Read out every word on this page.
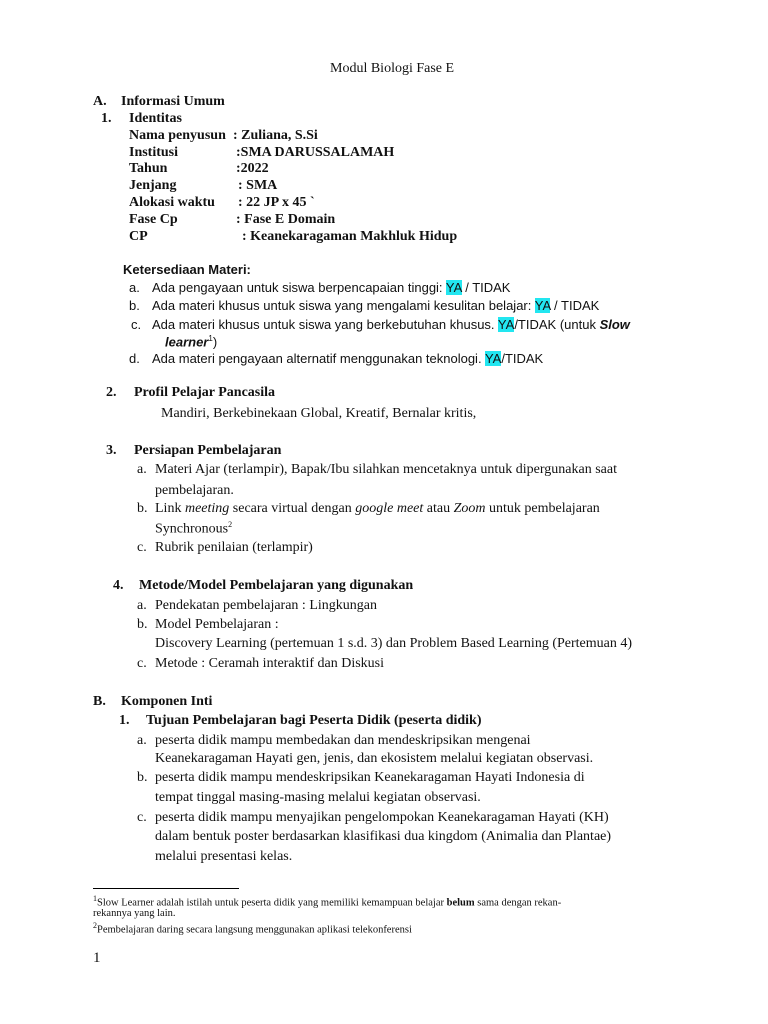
Modul Biologi Fase E
A. Informasi Umum
1. Identitas
Nama penyusun : Zuliana, S.Si
Institusi	:SMA DARUSSALAMAH
Tahun	:2022
Jenjang	: SMA
Alokasi waktu : 22 JP x 45 `
Fase Cp	: Fase E Domain
CP	: Keanekaragaman Makhluk Hidup
Ketersediaan Materi:
a. Ada pengayaan untuk siswa berpencapaian tinggi: YA / TIDAK
b. Ada materi khusus untuk siswa yang mengalami kesulitan belajar: YA / TIDAK
c. Ada materi khusus untuk siswa yang berkebutuhan khusus. YA/TIDAK (untuk Slow
learner$^1$)
d. Ada materi pengayaan alternatif menggunakan teknologi. YA/TIDAK
2. Profil Pelajar Pancasila
Mandiri, Berkebinekaan Global, Kreatif, Bernalar kritis,
3. Persiapan Pembelajaran
a. Materi Ajar (terlampir), Bapak/Ibu silahkan mencetaknya untuk dipergunakan saat
pembelajaran.
b. Link meeting secara virtual dengan google meet atau Zoom untuk pembelajaran
Synchronous$^2$
c. Rubrik penilaian (terlampir)
4. Metode/Model Pembelajaran yang digunakan
a. Pendekatan pembelajaran : Lingkungan
b. Model Pembelajaran :
Discovery Learning (pertemuan 1 s.d. 3) dan Problem Based Learning (Pertemuan 4)
c. Metode : Ceramah interaktif dan Diskusi
B. Komponen Inti
1. Tujuan Pembelajaran bagi Peserta Didik (peserta didik)
a. peserta didik mampu membedakan dan mendeskripsikan mengenai
Keanekaragaman Hayati gen, jenis, dan ekosistem melalui kegiatan observasi.
b. peserta didik mampu mendeskripsikan Keanekaragaman Hayati Indonesia di
tempat tinggal masing-masing melalui kegiatan observasi.
c. peserta didik mampu menyajikan pengelompokan Keanekaragaman Hayati (KH)
dalam bentuk poster berdasarkan klasifikasi dua kingdom (Animalia dan Plantae)
melalui presentasi kelas.
$^1$Slow Learner adalah istilah untuk peserta didik yang memiliki kemampuan belajar belum sama dengan rekan-
rekannya yang lain.
$^2$Pembelajaran daring secara langsung menggunakan aplikasi telekonferensi
1
